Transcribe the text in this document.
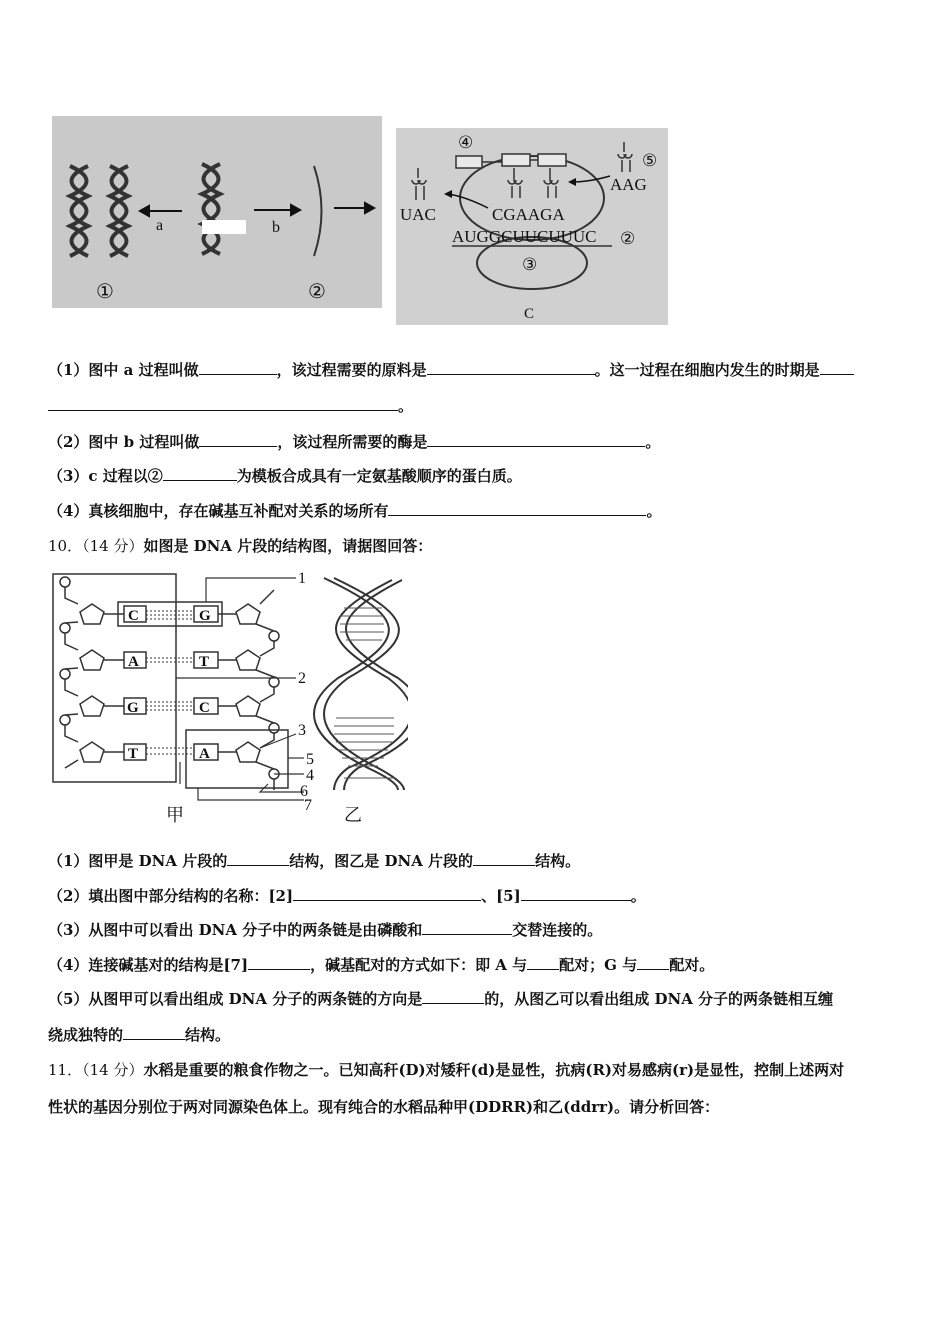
a	b
①	②
④
⑤
AAG
UAC	CGAAGA
AUGGCUUCUUUC ②
③
C
（1）图中 a 过程叫做	，该过程需要的原料是	。这一过程在细胞内发生的时期是
。
（2）图中 b 过程叫做	，该过程所需要的酶是	。
（3）c 过程以②	为模板合成具有一定氨基酸顺序的蛋白质。
（4）真核细胞中，存在碱基互补配对关系的场所有	。
10．（14 分）如图是 DNA 片段的结构图，请据图回答：
C
A
G
T
G
T
C
A
1
2
3
5
4
6
7
甲	乙
（1）图甲是 DNA 片段的	结构，图乙是 DNA 片段的	结构。
（2）填出图中部分结构的名称：[2]	、[5]	。
（3）从图中可以看出 DNA 分子中的两条链是由磷酸和	交替连接的。
（4）连接碱基对的结构是[7]	，碱基配对的方式如下：即 A 与 配对；G 与 配对。
（5）从图甲可以看出组成 DNA 分子的两条链的方向是	的，从图乙可以看出组成 DNA 分子的两条链相互缠
绕成独特的	结构。
11．（14 分）水稻是重要的粮食作物之一。已知高秆(D)对矮秆(d)是显性，抗病(R)对易感病(r)是显性，控制上述两对
性状的基因分别位于两对同源染色体上。现有纯合的水稻品种甲(DDRR)和乙(ddrr)。请分析回答：
